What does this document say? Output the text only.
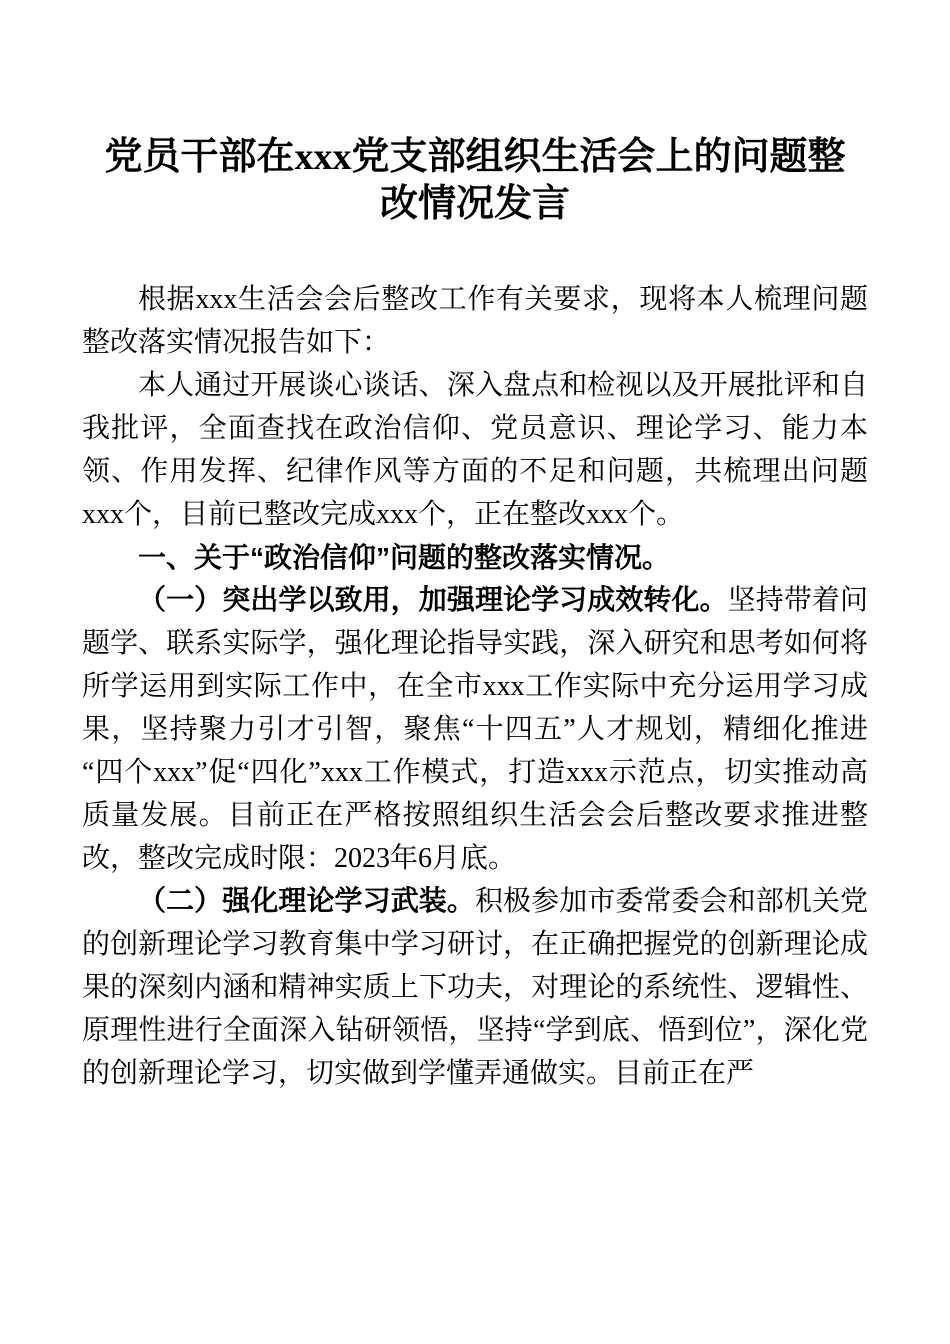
党员干部在xxx党支部组织生活会上的问题整改情况发言

根据xxx生活会会后整改工作有关要求，现将本人梳理问题整改落实情况报告如下：

本人通过开展谈心谈话、深入盘点和检视以及开展批评和自我批评，全面查找在政治信仰、党员意识、理论学习、能力本领、作用发挥、纪律作风等方面的不足和问题，共梳理出问题xxx个，目前已整改完成xxx个，正在整改xxx个。

一、关于“政治信仰”问题的整改落实情况。

（一）突出学以致用，加强理论学习成效转化。坚持带着问题学、联系实际学，强化理论指导实践，深入研究和思考如何将所学运用到实际工作中，在全市xxx工作实际中充分运用学习成果，坚持聚力引才引智，聚焦“十四五”人才规划，精细化推进“四个xxx”促“四化”xxx工作模式，打造xxx示范点，切实推动高质量发展。目前正在严格按照组织生活会会后整改要求推进整改，整改完成时限：2023年6月底。

（二）强化理论学习武装。积极参加市委常委会和部机关党的创新理论学习教育集中学习研讨，在正确把握党的创新理论成果的深刻内涵和精神实质上下功夫，对理论的系统性、逻辑性、原理性进行全面深入钻研领悟，坚持“学到底、悟到位”，深化党的创新理论学习，切实做到学懂弄通做实。目前正在严
